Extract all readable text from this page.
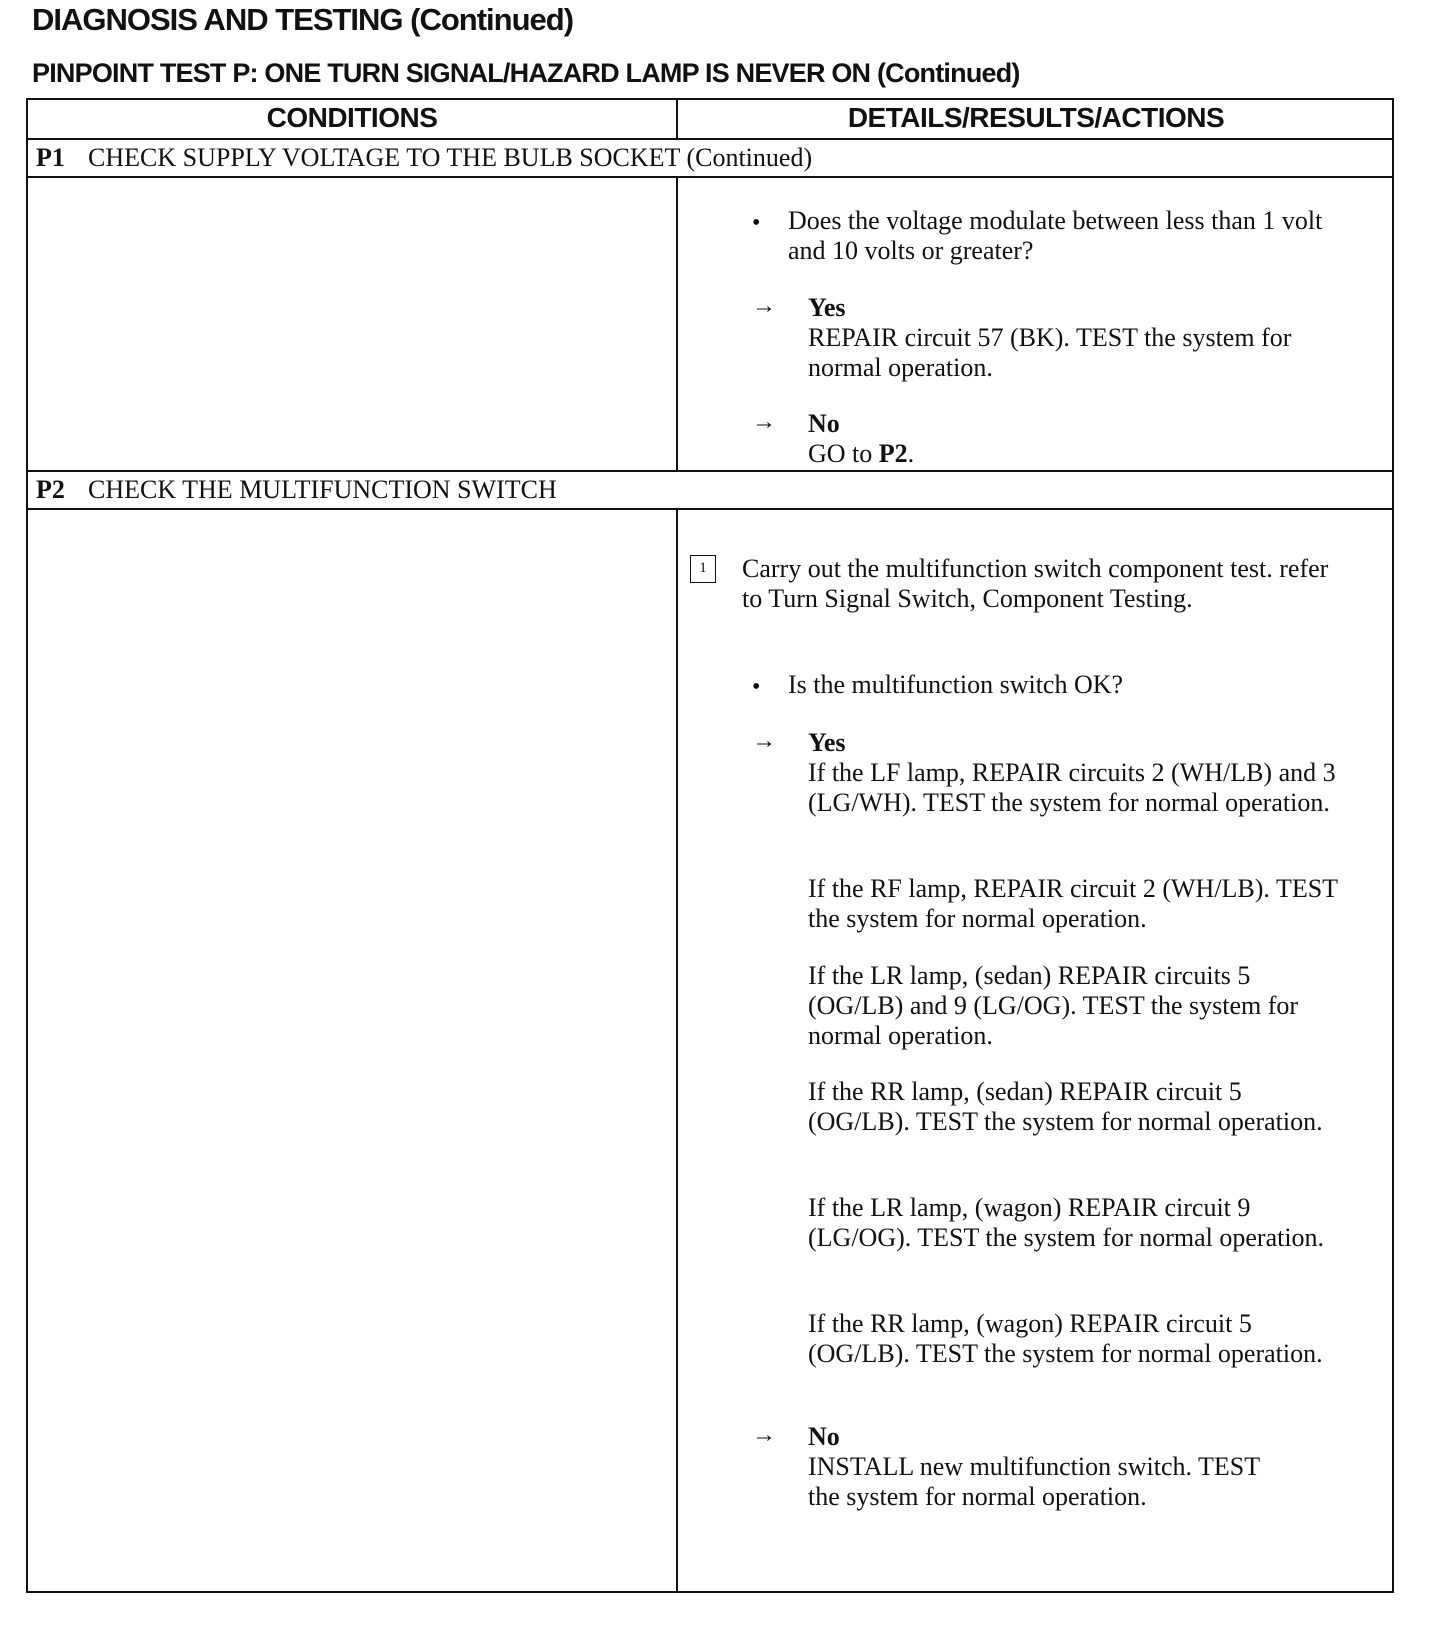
DIAGNOSIS AND TESTING (Continued)
PINPOINT TEST P: ONE TURN SIGNAL/HAZARD LAMP IS NEVER ON (Continued)
CONDITIONS	DETAILS/RESULTS/ACTIONS
P1 CHECK SUPPLY VOLTAGE TO THE BULB SOCKET (Continued)
• Does the voltage modulate between less than 1 volt and 10 volts or greater?
→ Yes
REPAIR circuit 57 (BK). TEST the system for normal operation.
→ No
GO to P2.
P2 CHECK THE MULTIFUNCTION SWITCH
1	Carry out the multifunction switch component test. refer to Turn Signal Switch, Component Testing.
• Is the multifunction switch OK?
→ Yes
If the LF lamp, REPAIR circuits 2 (WH/LB) and 3 (LG/WH). TEST the system for normal operation.
If the RF lamp, REPAIR circuit 2 (WH/LB). TEST the system for normal operation.
If the LR lamp, (sedan) REPAIR circuits 5 (OG/LB) and 9 (LG/OG). TEST the system for normal operation.
If the RR lamp, (sedan) REPAIR circuit 5 (OG/LB). TEST the system for normal operation.
If the LR lamp, (wagon) REPAIR circuit 9 (LG/OG). TEST the system for normal operation.
If the RR lamp, (wagon) REPAIR circuit 5 (OG/LB). TEST the system for normal operation.
→ No
INSTALL new multifunction switch. TEST the system for normal operation.
